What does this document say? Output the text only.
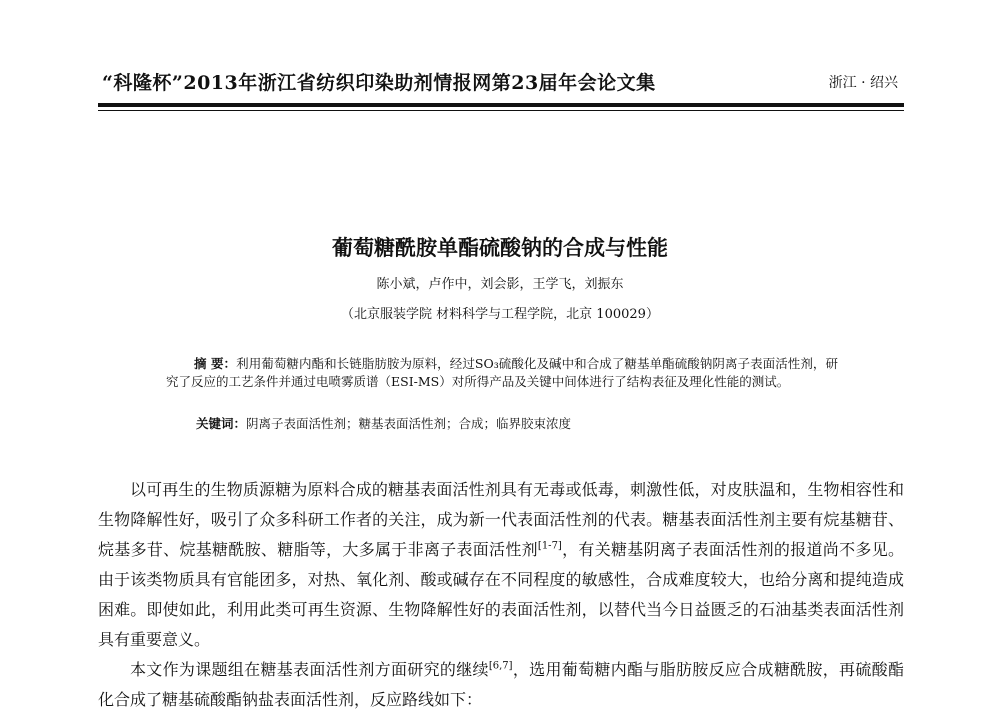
“科隆杯”2013年浙江省纺织印染助剂情报网第23届年会论文集	浙江 · 绍兴
葡萄糖酰胺单酯硫酸钠的合成与性能
陈小斌，卢作中，刘会影，王学飞，刘振东
（北京服装学院 材料科学与工程学院，北京 100029）
摘 要：利用葡萄糖内酯和长链脂肪胺为原料，经过SO₃硫酸化及碱中和合成了糖基单酯硫酸钠阴离子表面活性剂，研究了反应的工艺条件并通过电喷雾质谱（ESI-MS）对所得产品及关键中间体进行了结构表征及理化性能的测试。
关键词：阴离子表面活性剂；糖基表面活性剂；合成；临界胶束浓度

以可再生的生物质源糖为原料合成的糖基表面活性剂具有无毒或低毒，刺激性低，对皮肤温和，生物相容性和生物降解性好，吸引了众多科研工作者的关注，成为新一代表面活性剂的代表。糖基表面活性剂主要有烷基糖苷、烷基多苷、烷基糖酰胺、糖脂等，大多属于非离子表面活性剂[1-7]，有关糖基阴离子表面活性剂的报道尚不多见。由于该类物质具有官能团多，对热、氧化剂、酸或碱存在不同程度的敏感性，合成难度较大，也给分离和提纯造成困难。即使如此，利用此类可再生资源、生物降解性好的表面活性剂，以替代当今日益匮乏的石油基类表面活性剂具有重要意义。

本文作为课题组在糖基表面活性剂方面研究的继续[6,7]，选用葡萄糖内酯与脂肪胺反应合成糖酰胺，再硫酸酯化合成了糖基硫酸酯钠盐表面活性剂，反应路线如下：
